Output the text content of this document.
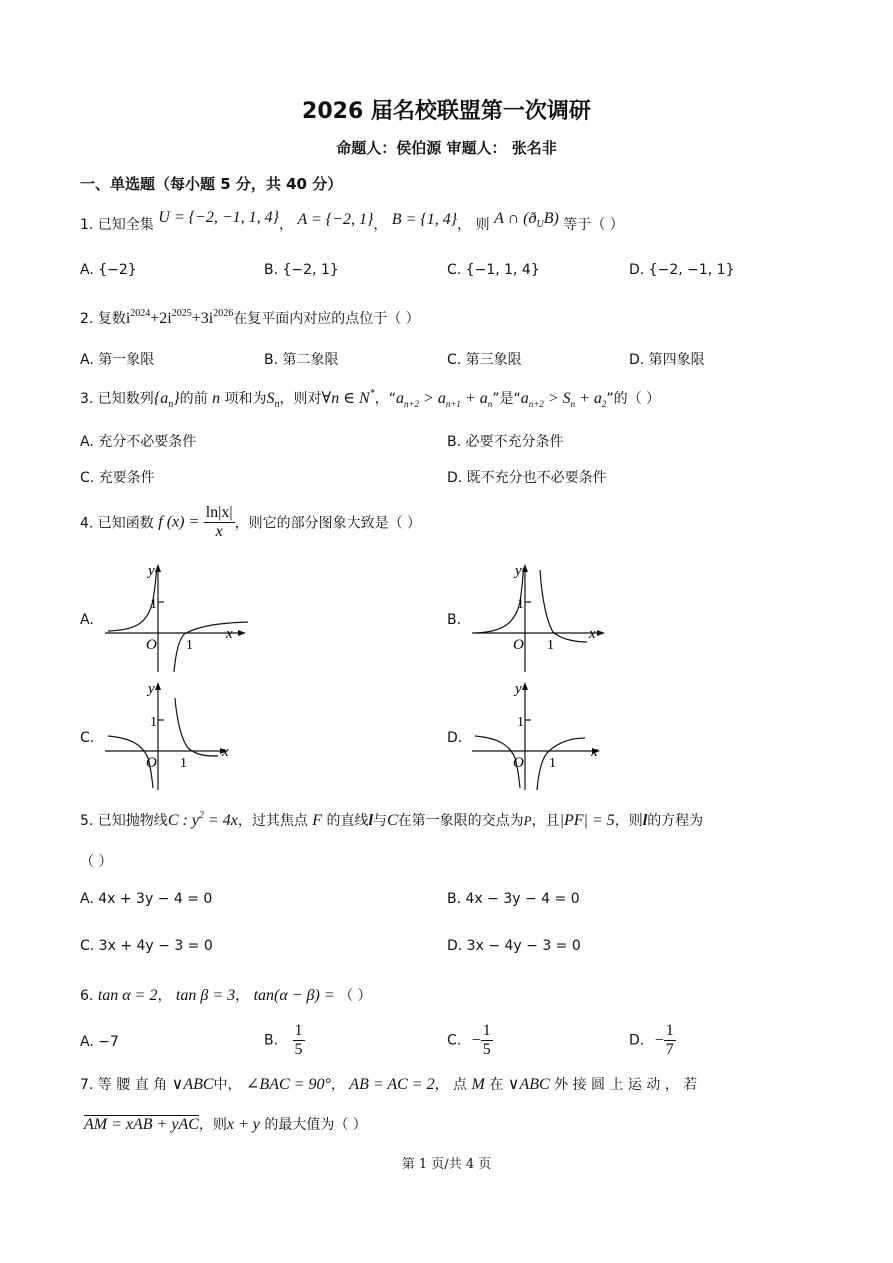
2026 届名校联盟第一次调研
命题人：侯伯源 审题人： 张名非
一、单选题（每小题 5 分，共 40 分）
1. 已知全集 U = {−2, −1, 1, 4}， A = {−2, 1}， B = {1, 4}， 则 A ∩ $(ð_UB)$ 等于（ ）
A. {−2}	B. {−2, 1}	C. {−1, 1, 4}	D. {−2, −1, 1}
2. 复数$i^{2024}+2i^{2025}+3i^{2026}$在复平面内对应的点位于（ ）
A. 第一象限	B. 第二象限	C. 第三象限	D. 第四象限
3. 已知数列$\{a_n\}$的前 n 项和为$S_n$，则对∀n ∈ N*，“$a_{n+2} > a_{n+1} + a_n$”是“$a_{n+2} > S_n + a_2$”的（ ）
A. 充分不必要条件	B. 必要不充分条件
C. 充要条件	D. 既不充分也不必要条件
4. 已知函数 f $(x) = \frac{\ln|x|}{x}$ ，则它的部分图象大致是（ ）
A.	B.
C.	D.
y
1
O 1
x
y
1
O 1
x
y
1
O 1
x
y
1
O 1
x
5. 已知抛物线C : $y^2 = 4x$，过其焦点 F 的直线l与C在第一象限的交点为P，且|PF| = 5，则l的方程为
（ ）
A. 4x + 3y − 4 = 0	B. 4x − 3y − 4 = 0
C. 3x + 4y − 3 = 0	D. 3x − 4y − 3 = 0
6. tan α = 2， tan β = 3， tan(α − β) = （ ）
A. −7	B. $\frac{1}{5}$	C. − $\frac{1}{5}$	D. − $\frac{1}{7}$
7. 等 腰 直 角 ∨ABC中， ∠BAC = 90°， AB = AC = 2， 点 M 在 ∨ABC 外 接 圆 上 运 动 ， 若
AM = xAB + yAC，则x + y 的最大值为（ ）
第 1 页/共 4 页
